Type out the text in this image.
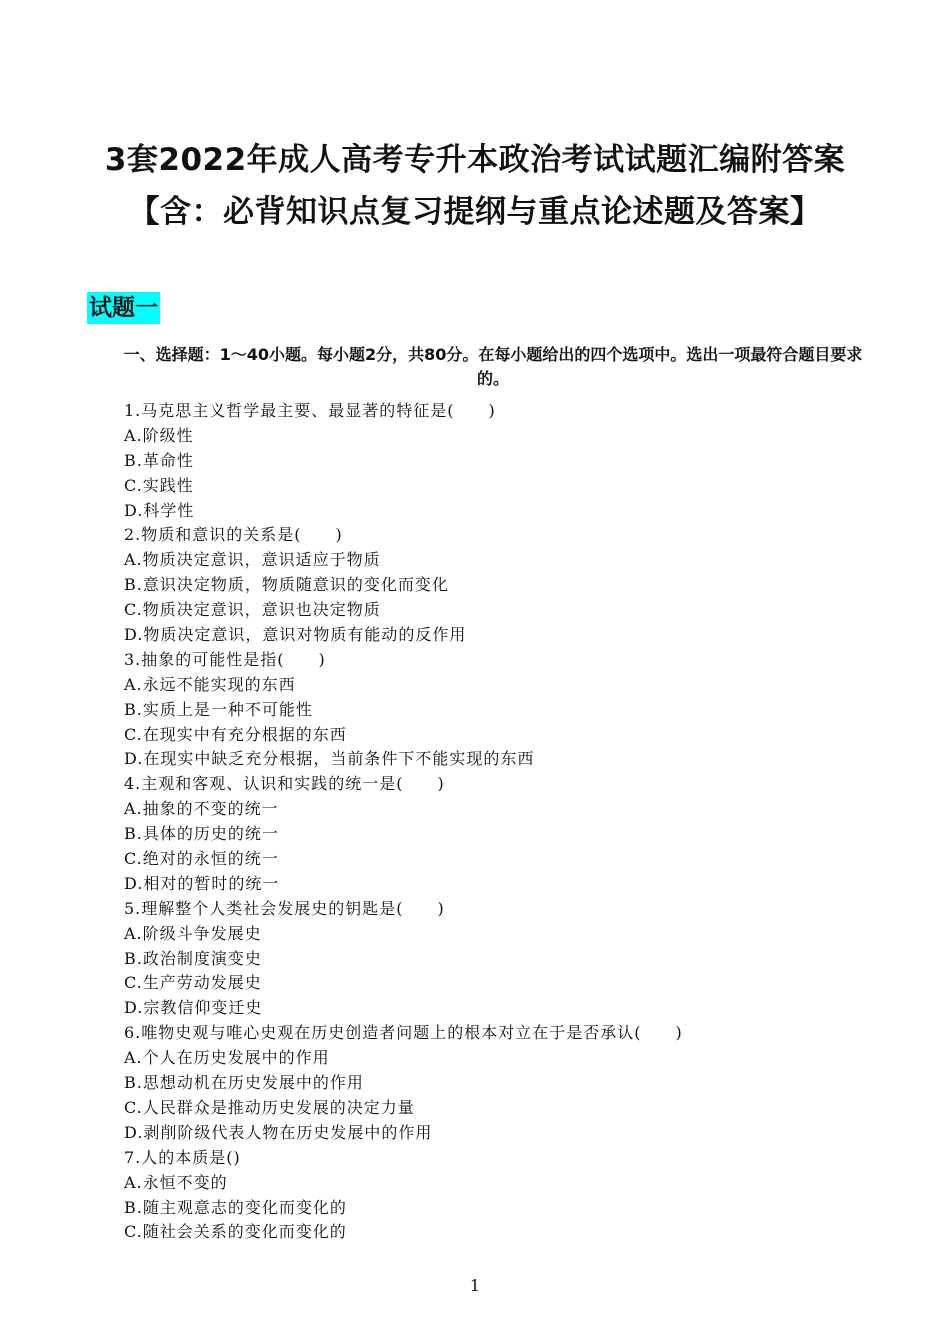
3套2022年成人高考专升本政治考试试题汇编附答案
【含：必背知识点复习提纲与重点论述题及答案】
试题一
一、选择题：1～40小题。每小题2分，共80分。在每小题给出的四个选项中。选出一项最符合题目要求的。
1.马克思主义哲学最主要、最显著的特征是(　　)
A.阶级性
B.革命性
C.实践性
D.科学性
2.物质和意识的关系是(　　)
A.物质决定意识，意识适应于物质
B.意识决定物质，物质随意识的变化而变化
C.物质决定意识，意识也决定物质
D.物质决定意识，意识对物质有能动的反作用
3.抽象的可能性是指(　　)
A.永远不能实现的东西
B.实质上是一种不可能性
C.在现实中有充分根据的东西
D.在现实中缺乏充分根据，当前条件下不能实现的东西
4.主观和客观、认识和实践的统一是(　　)
A.抽象的不变的统一
B.具体的历史的统一
C.绝对的永恒的统一
D.相对的暂时的统一
5.理解整个人类社会发展史的钥匙是(　　)
A.阶级斗争发展史
B.政治制度演变史
C.生产劳动发展史
D.宗教信仰变迁史
6.唯物史观与唯心史观在历史创造者问题上的根本对立在于是否承认(　　)
A.个人在历史发展中的作用
B.思想动机在历史发展中的作用
C.人民群众是推动历史发展的决定力量
D.剥削阶级代表人物在历史发展中的作用
7.人的本质是()
A.永恒不变的
B.随主观意志的变化而变化的
C.随社会关系的变化而变化的
1
